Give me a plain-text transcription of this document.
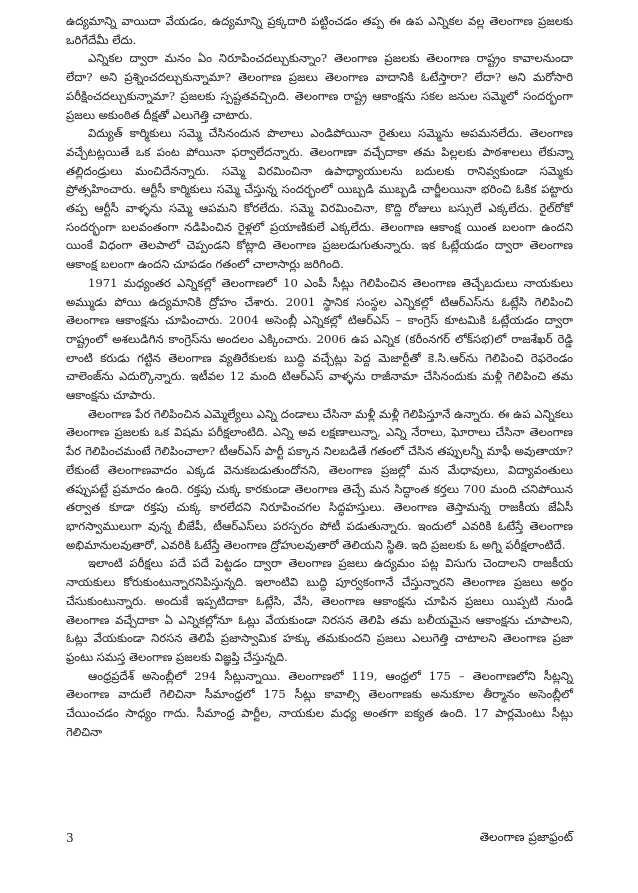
ఉద్యమాన్ని వాయిదా వేయడం, ఉద్యమాన్ని ప్రక్కదారి పట్టించడం తప్ప ఈ ఉప ఎన్నికల వల్ల తెలంగాణ ప్రజలకు ఒరిగేదేమీ లేదు.

ఎన్నికల ద్వారా మనం ఏం నిరూపించదల్చుకున్నాం? తెలంగాణ ప్రజలకు తెలంగాణ రాష్ట్రం కావాలనుందా లేదా? అని ప్రశ్నించదల్చుకున్నామా? తెలంగాణ ప్రజలు తెలంగాణ వాదానికి ఓటేస్తారా? లేదా? అని మరోసారి పరీక్షించదల్చుకున్నామా? ప్రజలకు స్పష్టతవచ్చింది. తెలంగాణ రాష్ట్ర ఆకాంక్షను సకల జనుల సమ్మెలో సందర్భంగా ప్రజలు అకుంఠిత దీక్షతో ఎలుగెత్తి చాటారు.

విద్యుత్ కార్మికులు సమ్మె చేసినందున పొలాలు ఎండిపోయినా రైతులు సమ్మెను అపమనలేదు. తెలంగాణ వచ్చేటట్లయితే ఒక పంట పోయినా ఫర్వాలేదన్నారు. తెలంగాణా వచ్చేదాకా తమ పిల్లలకు పాఠశాలలు లేకున్నా తల్లిదండ్రులు మంచిదేనన్నారు. సమ్మె విరమించినా ఉపాధ్యాయులను బదులకు రానివ్వకుండా సమ్మెకు ప్రోత్సహించారు. ఆర్టీసీ కార్మికులు సమ్మె చేస్తున్న సందర్భంలో యిబ్బడి ముబ్బడి చార్జీలయినా భరించి ఓకిక పట్టారు తప్ప ఆర్టీసీ వాళ్ళను సమ్మె ఆపమని కోరలేదు. సమ్మె విరమించినా, కొద్ది రోజులు బస్సులే ఎక్కలేదు. రైల్‌రోకో సందర్భంగా బలవంతంగా నడిపించిన రైళ్లలో ప్రయాణికులే ఎక్కలేదు. తెలంగాణ ఆకాంక్ష యింత బలంగా ఉందని యింకే విధంగా తెలపాలో చెప్పండని కోట్లాది తెలంగాణ ప్రజలడుగుతున్నారు. ఇక ఓట్లేయడం ద్వారా తెలంగాణ ఆకాంక్ష బలంగా ఉందని చూపడం గతంలో చాలాసార్లు జరిగింది.

1971 మధ్యంతర ఎన్నికల్లో తెలంగాణలో 10 ఎంపీ సీట్లు గెలిపించిన తెలంగాణ తెచ్చేబదులు నాయకులు అమ్ముడు పోయి ఉద్యమానికి ద్రోహం చేశారు. 2001 స్థానిక సంస్థల ఎన్నికల్లో టిఆర్ఎస్‌ను ఓట్లేసి గెలిపించి తెలంగాణ ఆకాంక్షను చూపించారు. 2004 అసెంబ్లీ ఎన్నికల్లో టిఆర్ఎస్ – కాంగ్రెస్ కూటమికి ఓట్లేయడం ద్వారా రాష్ట్రంలో అశలుడిగిన కాంగ్రెస్‌ను అందలం ఎక్కించారు. 2006 ఉప ఎన్నిక (కరీంనగర్ లోక్‌సభ)లో రాజశేఖర్ రెడ్డి లాంటి కరుడు గట్టిన తెలంగాణ వ్యతిరేకులకు బుద్ధి వచ్చేట్లు పెద్ద మెజార్టీతో కె.సి.ఆర్‌ను గెలిపించి రెఫరెండం చాలెంజ్‌ను ఎదుర్కొన్నారు. ఇటీవల 12 మంది టిఆర్ఎస్ వాళ్ళను రాజీనామా చేసినందుకు మళ్లీ గెలిపించి తమ ఆకాంక్షను చూపారు.

తెలంగాణ పేర గెలిపించిన ఎమ్మెల్యేలు ఎన్ని దండాలు చేసినా మళ్లీ మళ్లీ గెలిపిస్తూనే ఉన్నారు. ఈ ఉప ఎన్నికలు తెలంగాణ ప్రజలకు ఒక విషమ పరీక్షలాంటిది. ఎన్ని అవ లక్షణాలున్నా, ఎన్ని నేరాలు, ఘోరాలు చేసినా తెలంగాణ పేర గెలిపించమంటే గెలిపించాలా? టీఆర్ఎస్ పార్టీ పక్కాన నిలబడితే గతంలో చేసిన తప్పులన్నీ మాఫీ అవుతాయా? లేకుంటే తెలంగాణవాదం ఎక్కడ వెనుకబడుతుందోనని, తెలంగాణ ప్రజల్లో మన మేధావులు, విద్యావంతులు తప్పుపట్టే ప్రమాదం ఉంది. రక్తపు చుక్క కారకుండా తెలంగాణ తెచ్చే మన సిద్ధాంత కర్తలు 700 మంది చనిపోయిన తర్వాత కూడా రక్తపు చుక్క కారలేదని నిరూపించగల సిద్ధహస్తులు. తెలంగాణ తెస్తామన్న రాజకీయ జేఏసీ భాగస్వాములుగా వున్న బీజేపీ, టీఆర్ఎస్‌లు పరస్పరం పోటీ పడుతున్నారు. ఇందులో ఎవరికి ఓటేస్తే తెలంగాణ అభిమానులవుతారో, ఎవరికి ఓటేస్తే తెలంగాణ ద్రోహులవుతారో తెలియని స్థితి. ఇది ప్రజలకు ఓ అగ్ని పరీక్షలాంటిదే.

ఇలాంటి పరీక్షలు పదే పదే పెట్టడం ద్వారా తెలంగాణ ప్రజలు ఉద్యమం పట్ల విసుగు చెందాలని రాజకీయ నాయకులు కోరుకుంటున్నారనిపిస్తున్నది. ఇలాంటివి బుద్ధి పూర్వకంగానే చేస్తున్నారని తెలంగాణ ప్రజలు అర్థం చేసుకుంటున్నారు. అందుకే ఇప్పటిదాకా ఓట్లేసి, వేసి, తెలంగాణ ఆకాంక్షను చూపిన ప్రజలు యిప్పటి నుండి తెలంగాణ వచ్చేదాకా ఏ ఎన్నికల్లోనూ ఓట్లు వేయకుండా నిరసన తెలిపి తమ బలీయమైన ఆకాంక్షను చూపాలని, ఓట్లు వేయకుండా నిరసన తెలిపే ప్రజాస్వామిక హక్కు తమకుందని ప్రజలు ఎలుగెత్తి చాటాలని తెలంగాణ ప్రజా ఫ్రంటు సమస్త తెలంగాణ ప్రజలకు విజ్ఞప్తి చేస్తున్నది.

ఆంధ్రప్రదేశ్ అసెంబ్లీలో 294 సీట్లున్నాయి. తెలంగాణలో 119, ఆంధ్రలో 175 – తెలంగాణలోని సీట్లన్ని తెలంగాణ వాదులే గెలిచినా సీమాంధ్రలో 175 సీట్లు కావాల్సి తెలంగాణకు అనుకూల తీర్మానం అసెంబ్లీలో చేయించడం సాధ్యం గాదు. సీమాంధ్ర పార్టీల, నాయకుల మధ్య అంతగా ఐక్యత ఉంది. 17 పార్లమెంటు సీట్లు గెలిచినా

3	తెలంగాణ ప్రజాఫ్రంట్
